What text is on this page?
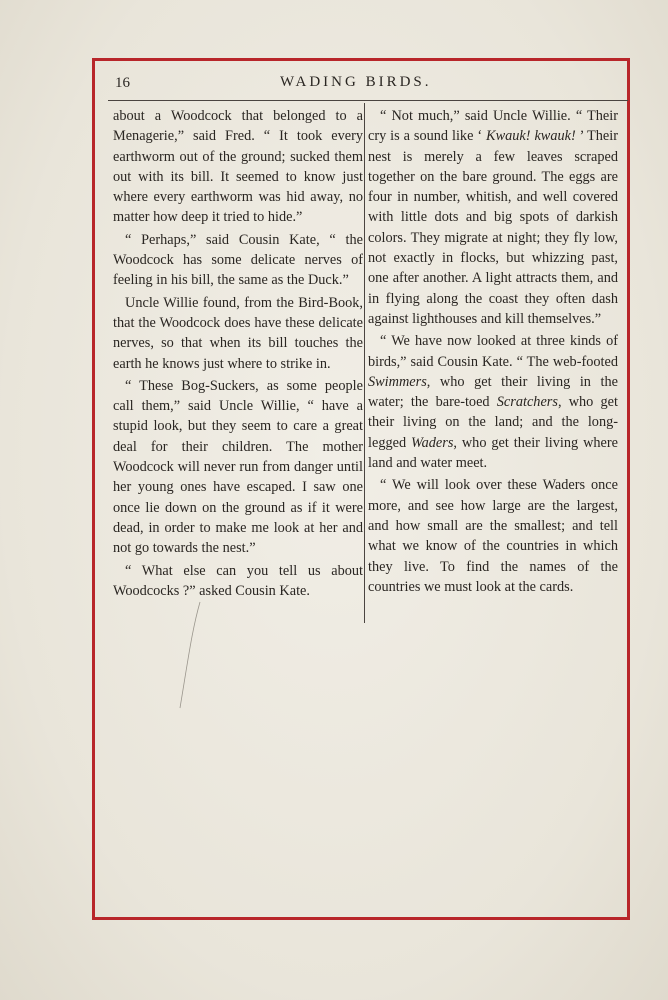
16	WADING BIRDS.

about a Woodcock that belonged to a Menagerie,” said Fred. “ It took every earthworm out of the ground; sucked them out with its bill. It seemed to know just where every earthworm was hid away, no matter how deep it tried to hide.”

“ Perhaps,” said Cousin Kate, “ the Woodcock has some delicate nerves of feeling in his bill, the same as the Duck.”

Uncle Willie found, from the Bird-Book, that the Woodcock does have these delicate nerves, so that when its bill touches the earth he knows just where to strike in.

“ These Bog-Suckers, as some people call them,” said Uncle Willie, “ have a stupid look, but they seem to care a great deal for their children. The mother Woodcock will never run from danger until her young ones have escaped. I saw one once lie down on the ground as if it were dead, in order to make me look at her and not go towards the nest.”

“ What else can you tell us about Woodcocks ?” asked Cousin Kate.

“ Not much,” said Uncle Willie. “ Their cry is a sound like ‘ Kwauk! kwauk! ’ Their nest is merely a few leaves scraped together on the bare ground. The eggs are four in number, whitish, and well covered with little dots and big spots of darkish colors. They migrate at night; they fly low, not exactly in flocks, but whizzing past, one after another. A light attracts them, and in flying along the coast they often dash against lighthouses and kill themselves.”

“ We have now looked at three kinds of birds,” said Cousin Kate. “ The web-footed Swimmers, who get their living in the water; the bare-toed Scratchers, who get their living on the land; and the long-legged Waders, who get their living where land and water meet.

“ We will look over these Waders once more, and see how large are the largest, and how small are the smallest; and tell what we know of the countries in which they live. To find the names of the countries we must look at the cards.
